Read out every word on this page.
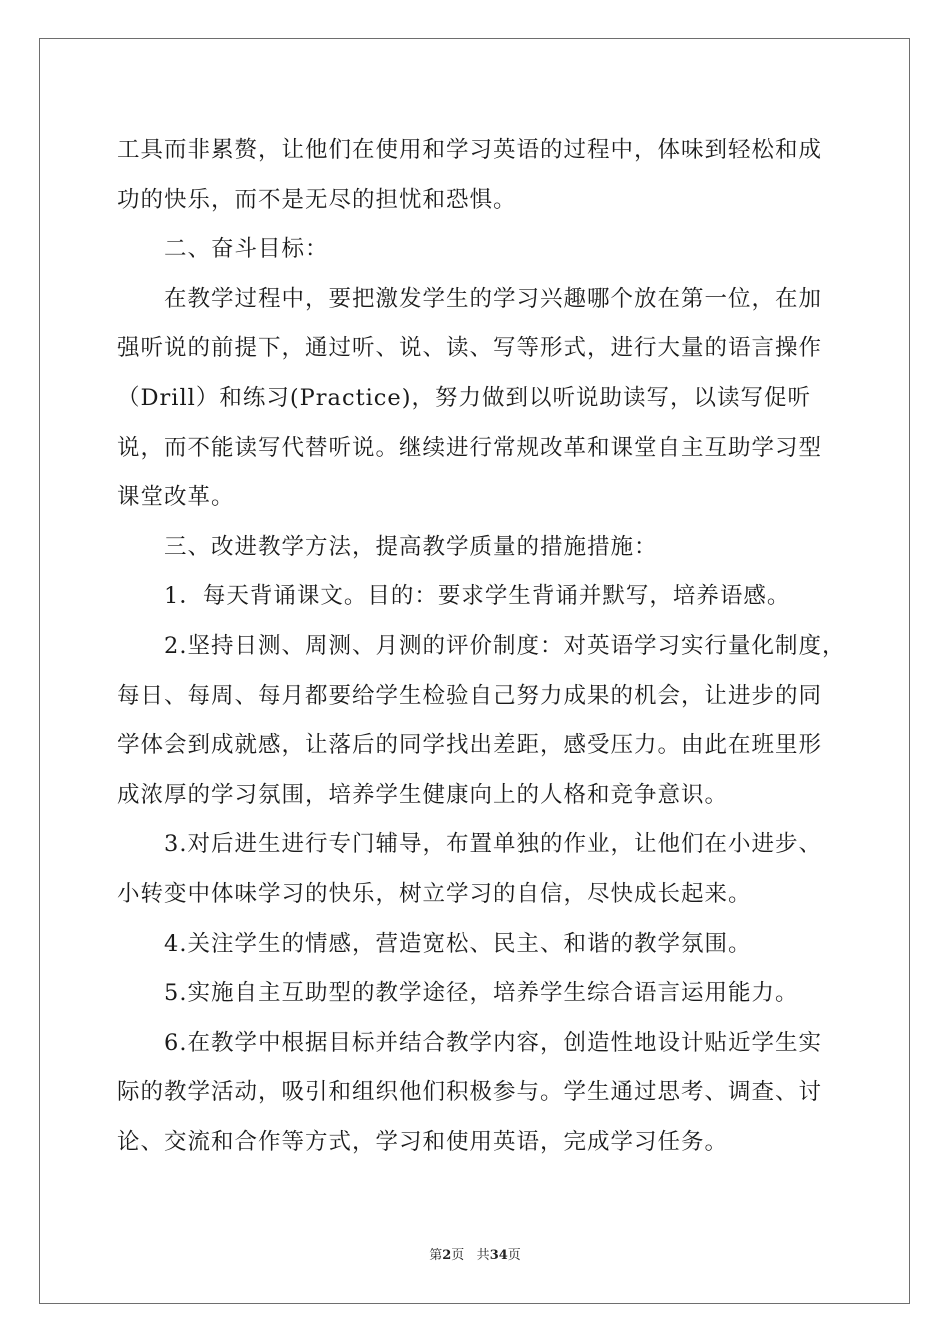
工具而非累赘，让他们在使用和学习英语的过程中，体味到轻松和成
功的快乐，而不是无尽的担忧和恐惧。
　　二、奋斗目标：
　　在教学过程中，要把激发学生的学习兴趣哪个放在第一位，在加
强听说的前提下，通过听、说、读、写等形式，进行大量的语言操作
（Drill）和练习(Practice)，努力做到以听说助读写，以读写促听
说，而不能读写代替听说。继续进行常规改革和课堂自主互助学习型
课堂改革。
　　三、改进教学方法，提高教学质量的措施措施：
　　1．每天背诵课文。目的：要求学生背诵并默写，培养语感。
　　2.坚持日测、周测、月测的评价制度：对英语学习实行量化制度，
每日、每周、每月都要给学生检验自己努力成果的机会，让进步的同
学体会到成就感，让落后的同学找出差距，感受压力。由此在班里形
成浓厚的学习氛围，培养学生健康向上的人格和竞争意识。
　　3.对后进生进行专门辅导，布置单独的作业，让他们在小进步、
小转变中体味学习的快乐，树立学习的自信，尽快成长起来。
　　4.关注学生的情感，营造宽松、民主、和谐的教学氛围。
　　5.实施自主互助型的教学途径，培养学生综合语言运用能力。
　　6.在教学中根据目标并结合教学内容，创造性地设计贴近学生实
际的教学活动，吸引和组织他们积极参与。学生通过思考、调查、讨
论、交流和合作等方式，学习和使用英语，完成学习任务。
第2页 共34页
